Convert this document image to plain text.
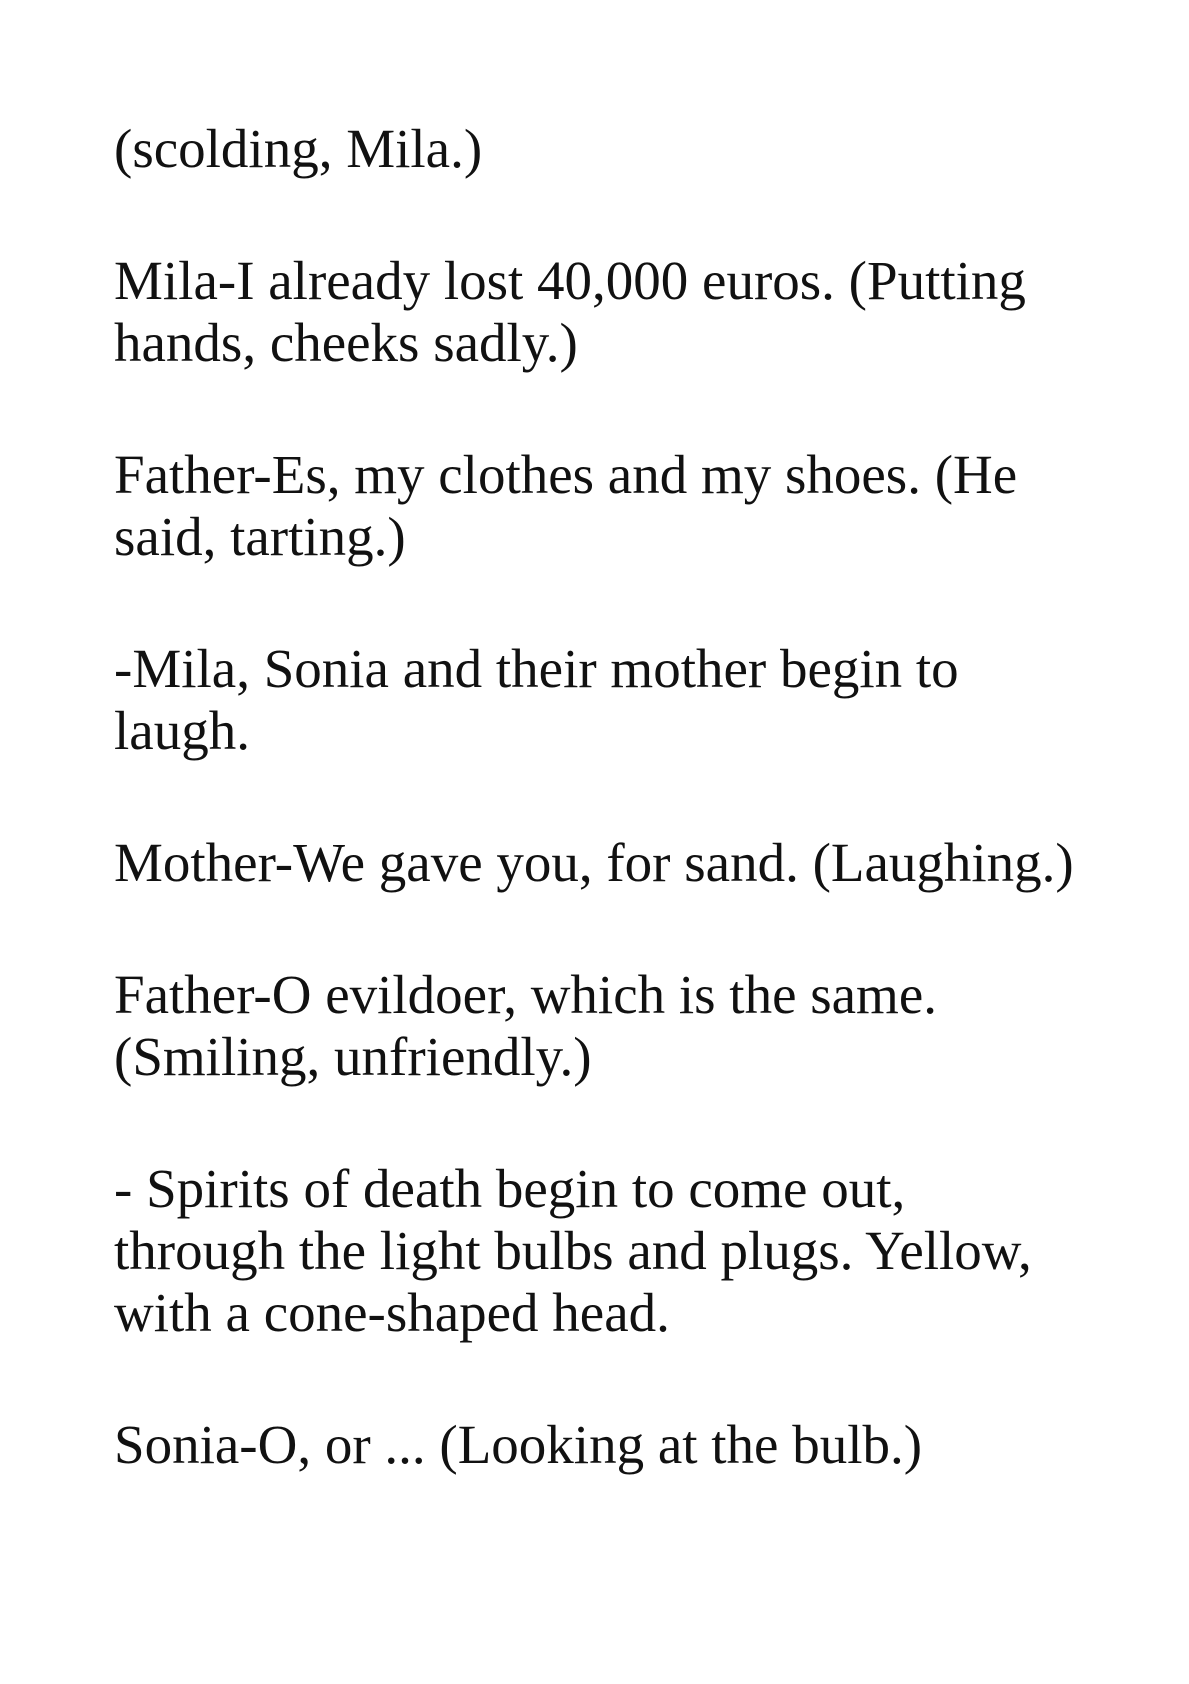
(scolding, Mila.)

Mila-I already lost 40,000 euros. (Putting hands, cheeks sadly.)

Father-Es, my clothes and my shoes. (He said, tarting.)

-Mila, Sonia and their mother begin to laugh.

Mother-We gave you, for sand. (Laughing.)

Father-O evildoer, which is the same. (Smiling, unfriendly.)

- Spirits of death begin to come out, through the light bulbs and plugs. Yellow, with a cone-shaped head.

Sonia-O, or ... (Looking at the bulb.)
